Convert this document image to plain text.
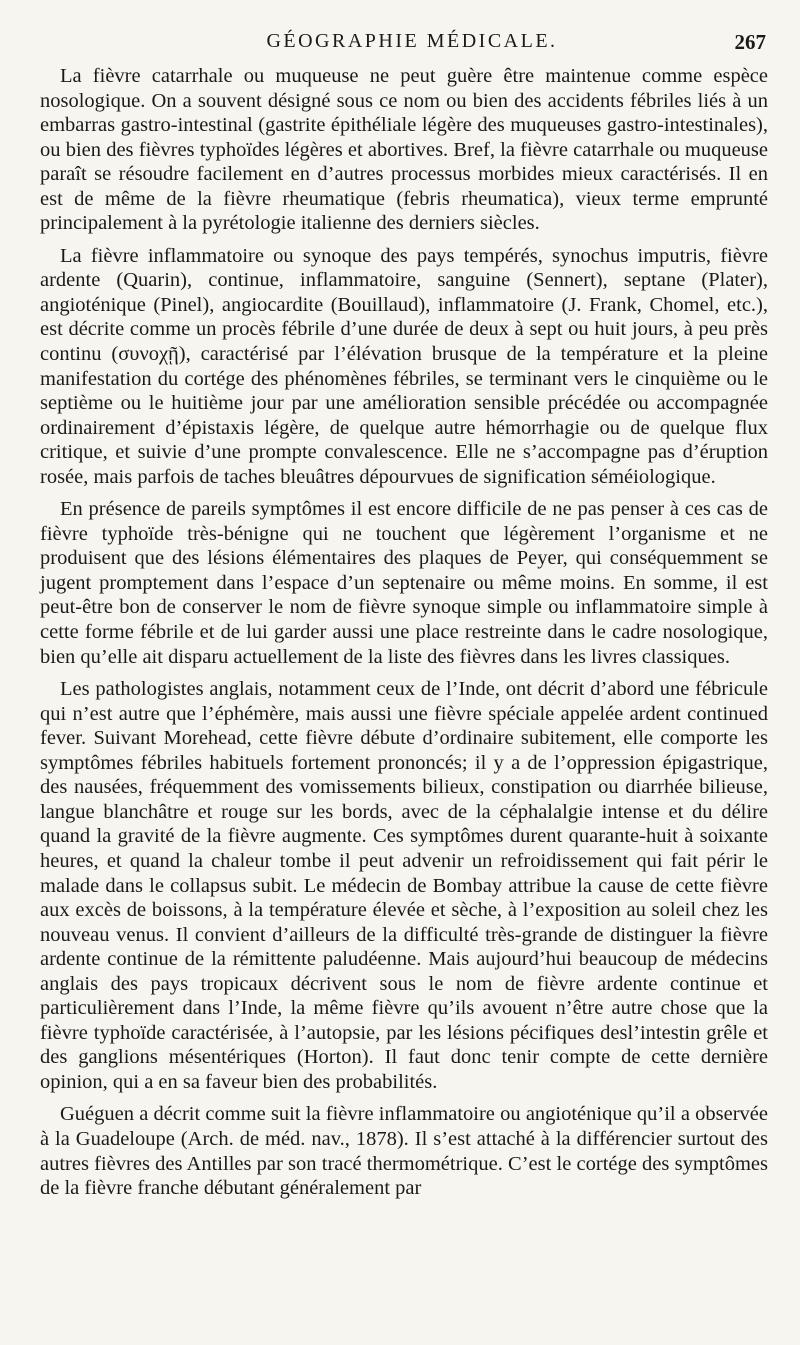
GÉOGRAPHIE MÉDICALE.	267

La fièvre catarrhale ou muqueuse ne peut guère être maintenue comme espèce nosologique. On a souvent désigné sous ce nom ou bien des accidents fébriles liés à un embarras gastro-intestinal (gastrite épithéliale légère des muqueuses gastro-intestinales), ou bien des fièvres typhoïdes légères et abortives. Bref, la fièvre catarrhale ou muqueuse paraît se résoudre facilement en d’autres processus morbides mieux caractérisés. Il en est de même de la fièvre rheumatique (febris rheumatica), vieux terme emprunté principalement à la pyrétologie italienne des derniers siècles.

La fièvre inflammatoire ou synoque des pays tempérés, synochus imputris, fièvre ardente (Quarin), continue, inflammatoire, sanguine (Sennert), septane (Plater), angioténique (Pinel), angiocardite (Bouillaud), inflammatoire (J. Frank, Chomel, etc.), est décrite comme un procès fébrile d’une durée de deux à sept ou huit jours, à peu près continu (συνοχῇ), caractérisé par l’élévation brusque de la température et la pleine manifestation du cortége des phénomènes fébriles, se terminant vers le cinquième ou le septième ou le huitième jour par une amélioration sensible précédée ou accompagnée ordinairement d’épistaxis légère, de quelque autre hémorrhagie ou de quelque flux critique, et suivie d’une prompte convalescence. Elle ne s’accompagne pas d’éruption rosée, mais parfois de taches bleuâtres dépourvues de signification séméiologique.

En présence de pareils symptômes il est encore difficile de ne pas penser à ces cas de fièvre typhoïde très-bénigne qui ne touchent que légèrement l’organisme et ne produisent que des lésions élémentaires des plaques de Peyer, qui conséquemment se jugent promptement dans l’espace d’un septenaire ou même moins. En somme, il est peut-être bon de conserver le nom de fièvre synoque simple ou inflammatoire simple à cette forme fébrile et de lui garder aussi une place restreinte dans le cadre nosologique, bien qu’elle ait disparu actuellement de la liste des fièvres dans les livres classiques.

Les pathologistes anglais, notamment ceux de l’Inde, ont décrit d’abord une fébricule qui n’est autre que l’éphémère, mais aussi une fièvre spéciale appelée ardent continued fever. Suivant Morehead, cette fièvre débute d’ordinaire subitement, elle comporte les symptômes fébriles habituels fortement prononcés; il y a de l’oppression épigastrique, des nausées, fréquemment des vomissements bilieux, constipation ou diarrhée bilieuse, langue blanchâtre et rouge sur les bords, avec de la céphalalgie intense et du délire quand la gravité de la fièvre augmente. Ces symptômes durent quarante-huit à soixante heures, et quand la chaleur tombe il peut advenir un refroidissement qui fait périr le malade dans le collapsus subit. Le médecin de Bombay attribue la cause de cette fièvre aux excès de boissons, à la température élevée et sèche, à l’exposition au soleil chez les nouveau venus. Il convient d’ailleurs de la difficulté très-grande de distinguer la fièvre ardente continue de la rémittente paludéenne. Mais aujourd’hui beaucoup de médecins anglais des pays tropicaux décrivent sous le nom de fièvre ardente continue et particulièrement dans l’Inde, la même fièvre qu’ils avouent n’être autre chose que la fièvre typhoïde caractérisée, à l’autopsie, par les lésions pécifiques desl’intestin grêle et des ganglions mésentériques (Horton). Il faut donc tenir compte de cette dernière opinion, qui a en sa faveur bien des probabilités.

Guéguen a décrit comme suit la fièvre inflammatoire ou angioténique qu’il a observée à la Guadeloupe (Arch. de méd. nav., 1878). Il s’est attaché à la différencier surtout des autres fièvres des Antilles par son tracé thermométrique. C’est le cortége des symptômes de la fièvre franche débutant généralement par
